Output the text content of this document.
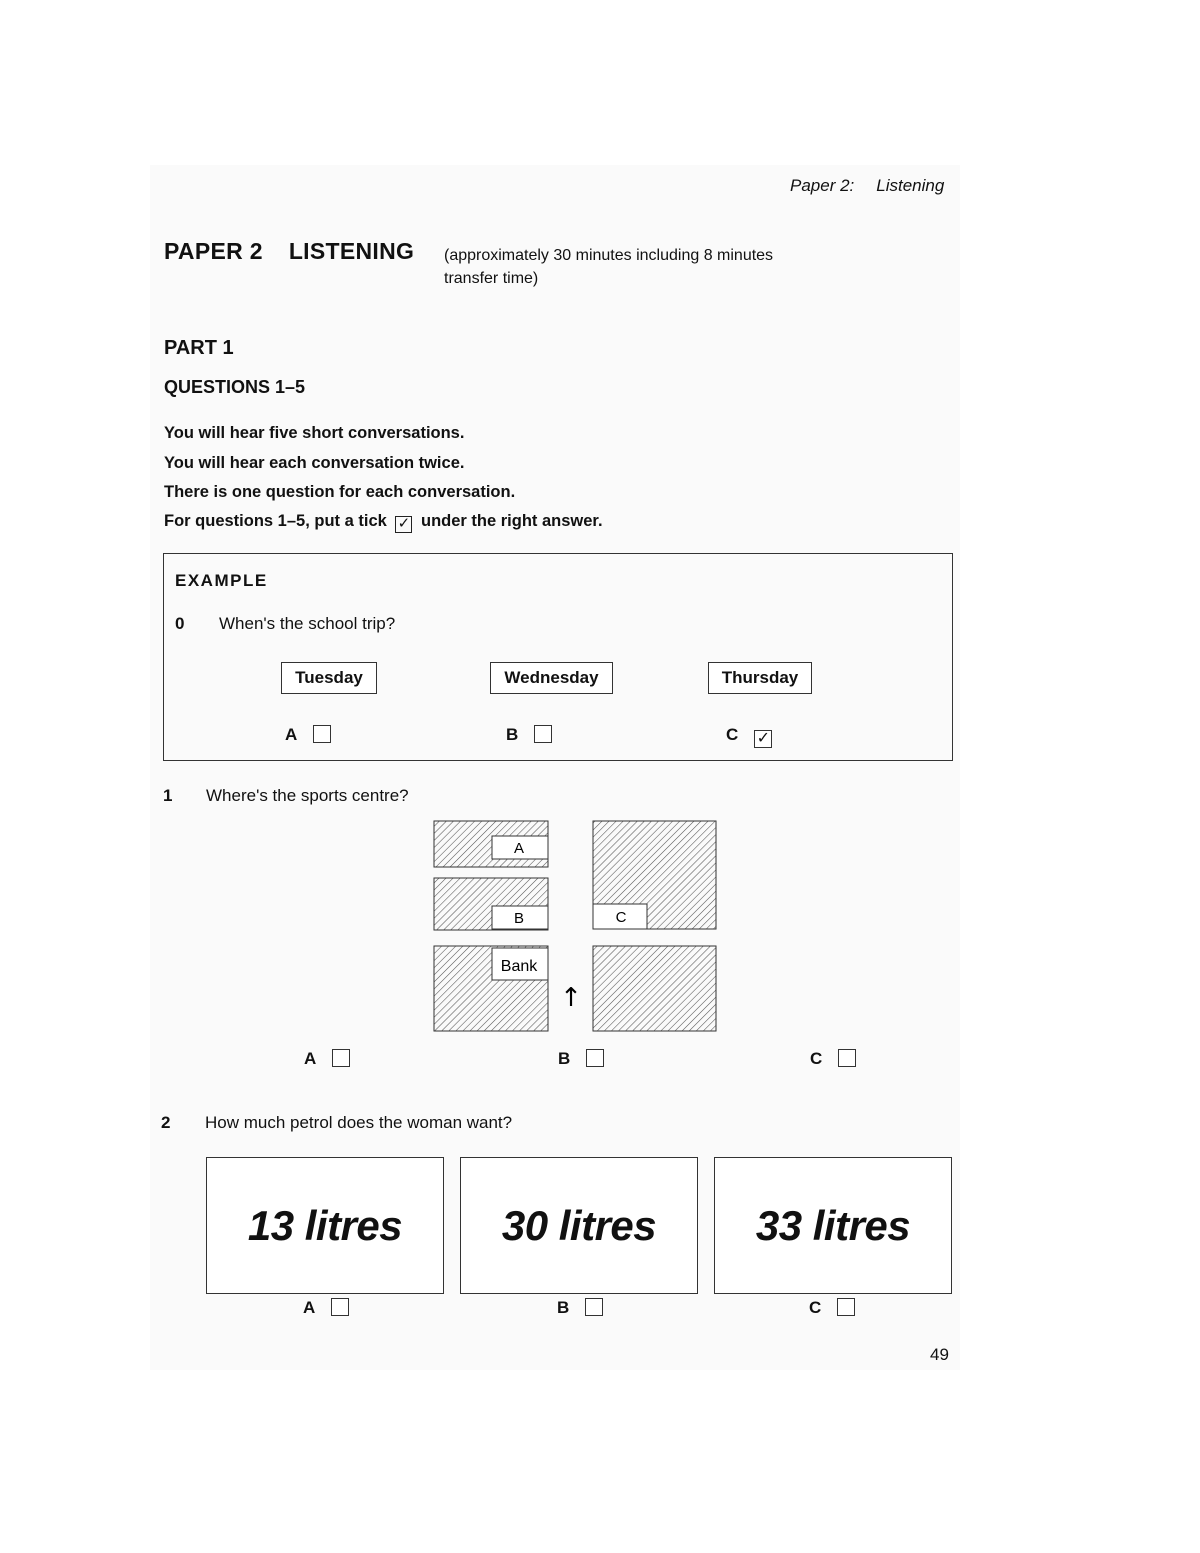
Paper 2: Listening
PAPER 2 LISTENING (approximately 30 minutes including 8 minutes
transfer time)
PART 1
QUESTIONS 1–5
You will hear five short conversations.
You will hear each conversation twice.
There is one question for each conversation.
For questions 1–5, put a tick ✓ under the right answer.
EXAMPLE
0 When's the school trip?
Tuesday	Wednesday	Thursday
A	B	C ✓
1 Where's the sports centre?
A
B	C
Bank
↑
A	B	C
2 How much petrol does the woman want?
13 litres 30 litres 33 litres
A	B	C
49
